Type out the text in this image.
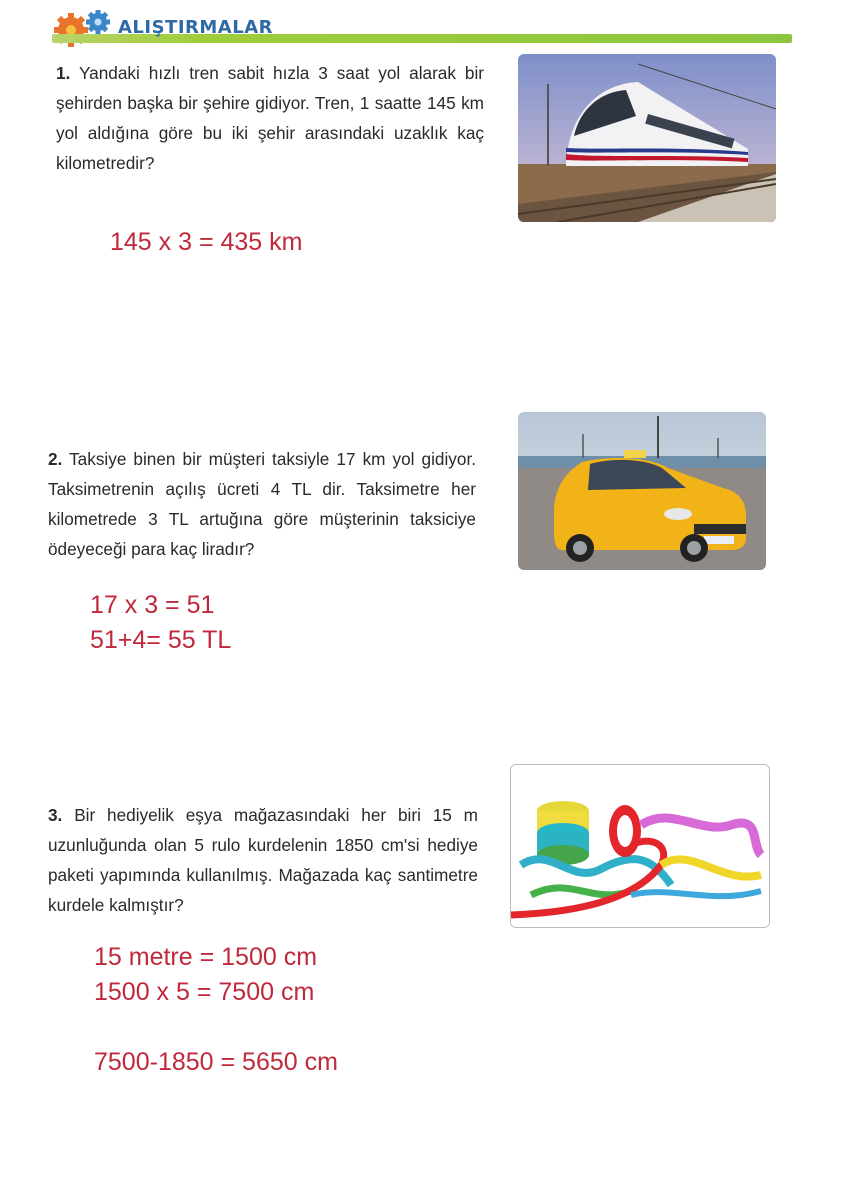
ALIŞTIRMALAR
1. Yandaki hızlı tren sabit hızla 3 saat yol alarak bir şehirden başka bir şehire gidiyor. Tren, 1 saatte 145 km yol aldığına göre bu iki şehir arasındaki uzaklık kaç kilometredir?
145 x 3 = 435 km
2. Taksiye binen bir müşteri taksiyle 17 km yol gidiyor. Taksimetrenin açılış ücreti 4 TL dir. Taksimetre her kilometrede 3 TL artuğına göre müşterinin taksiciye ödeyeceği para kaç liradır?
17 x 3 = 51
51+4= 55 TL
3. Bir hediyelik eşya mağazasındaki her biri 15 m uzunluğunda olan 5 rulo kurdelenin 1850 cm'si hediye paketi yapımında kullanılmış. Mağazada kaç santimetre kurdele kalmıştır?
15 metre = 1500 cm
1500 x 5 = 7500 cm
7500-1850 = 5650 cm
